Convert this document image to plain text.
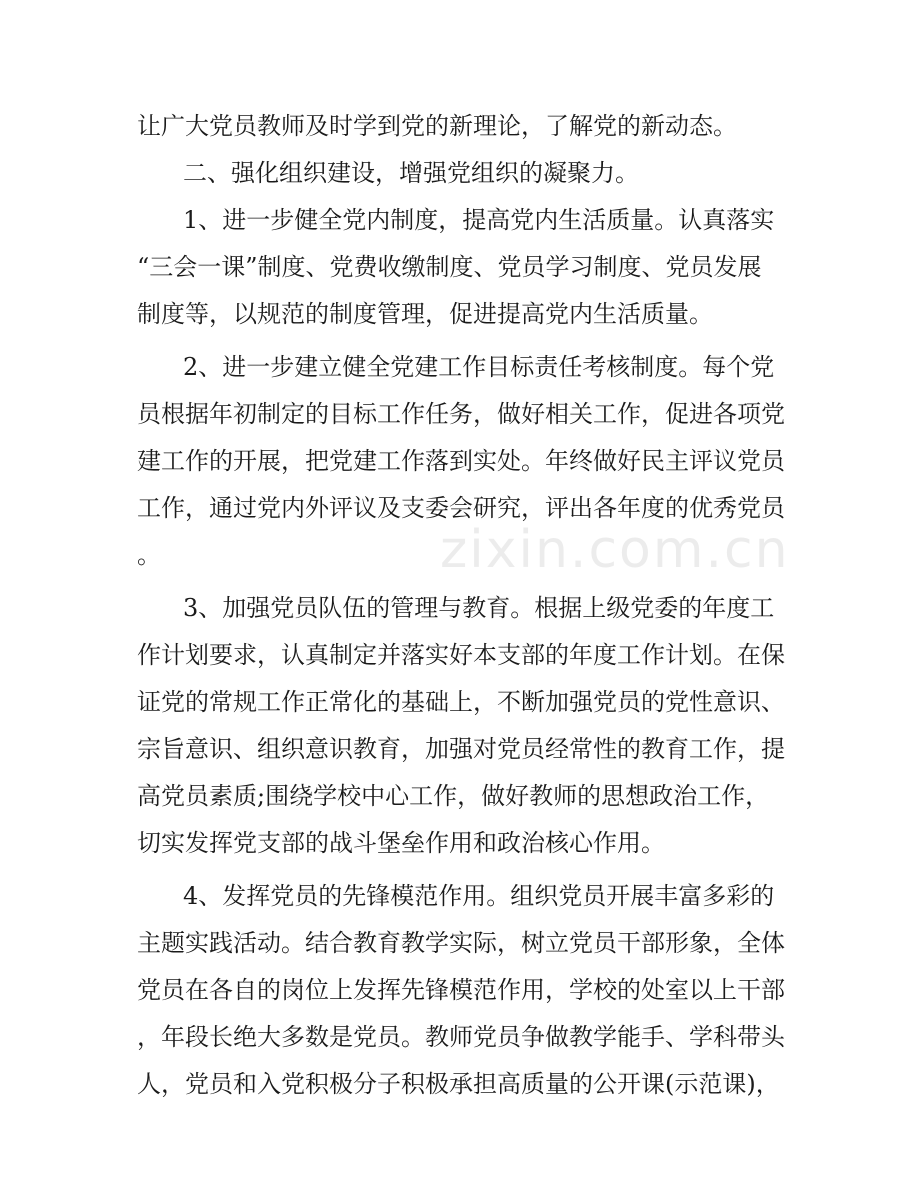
让广大党员教师及时学到党的新理论，了解党的新动态。
二、强化组织建设，增强党组织的凝聚力。
1、进一步健全党内制度，提高党内生活质量。认真落实
“三会一课”制度、党费收缴制度、党员学习制度、党员发展
制度等，以规范的制度管理，促进提高党内生活质量。
2、进一步建立健全党建工作目标责任考核制度。每个党
员根据年初制定的目标工作任务，做好相关工作，促进各项党
建工作的开展，把党建工作落到实处。年终做好民主评议党员
工作，通过党内外评议及支委会研究，评出各年度的优秀党员
。
3、加强党员队伍的管理与教育。根据上级党委的年度工
作计划要求，认真制定并落实好本支部的年度工作计划。在保
证党的常规工作正常化的基础上，不断加强党员的党性意识、
宗旨意识、组织意识教育，加强对党员经常性的教育工作，提
高党员素质;围绕学校中心工作，做好教师的思想政治工作，
切实发挥党支部的战斗堡垒作用和政治核心作用。
4、发挥党员的先锋模范作用。组织党员开展丰富多彩的
主题实践活动。结合教育教学实际，树立党员干部形象，全体
党员在各自的岗位上发挥先锋模范作用，学校的处室以上干部
，年段长绝大多数是党员。教师党员争做教学能手、学科带头
人，党员和入党积极分子积极承担高质量的公开课(示范课)，
zixin.com.cn
